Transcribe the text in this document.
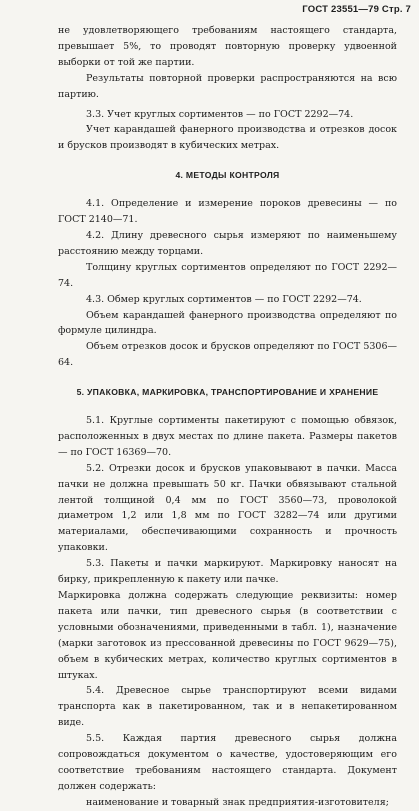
ГОСТ 23551—79 Стр. 7

не удовлетворяющего требованиям настоящего стандарта, превышает 5%, то проводят повторную проверку удвоенной выборки от той же партии.

Результаты повторной проверки распространяются на всю партию.

3.3. Учет круглых сортиментов — по ГОСТ 2292—74.

Учет карандашей фанерного производства и отрезков досок и брусков производят в кубических метрах.

4. МЕТОДЫ КОНТРОЛЯ

4.1. Определение и измерение пороков древесины — по ГОСТ 2140—71.

4.2. Длину древесного сырья измеряют по наименьшему расстоянию между торцами.

Толщину круглых сортиментов определяют по ГОСТ 2292—74.

4.3. Обмер круглых сортиментов — по ГОСТ 2292—74.

Объем карандашей фанерного производства определяют по формуле цилиндра.

Объем отрезков досок и брусков определяют по ГОСТ 5306—64.

5. УПАКОВКА, МАРКИРОВКА, ТРАНСПОРТИРОВАНИЕ И ХРАНЕНИЕ

5.1. Круглые сортименты пакетируют с помощью обвязок, расположенных в двух местах по длине пакета. Размеры пакетов — по ГОСТ 16369—70.

5.2. Отрезки досок и брусков упаковывают в пачки. Масса пачки не должна превышать 50 кг. Пачки обвязывают стальной лентой толщиной 0,4 мм по ГОСТ 3560—73, проволокой диаметром 1,2 или 1,8 мм по ГОСТ 3282—74 или другими материалами, обеспечивающими сохранность и прочность упаковки.

5.3. Пакеты и пачки маркируют. Маркировку наносят на бирку, прикрепленную к пакету или пачке.

Маркировка должна содержать следующие реквизиты: номер пакета или пачки, тип древесного сырья (в соответствии с условными обозначениями, приведенными в табл. 1), назначение (марки заготовок из прессованной древесины по ГОСТ 9629—75), объем в кубических метрах, количество круглых сортиментов в штуках.

5.4. Древесное сырье транспортируют всеми видами транспорта как в пакетированном, так и в непакетированном виде.

5.5. Каждая партия древесного сырья должна сопровождаться документом о качестве, удостоверяющим его соответствие требованиям настоящего стандарта. Документ должен содержать:

наименование и товарный знак предприятия-изготовителя;
